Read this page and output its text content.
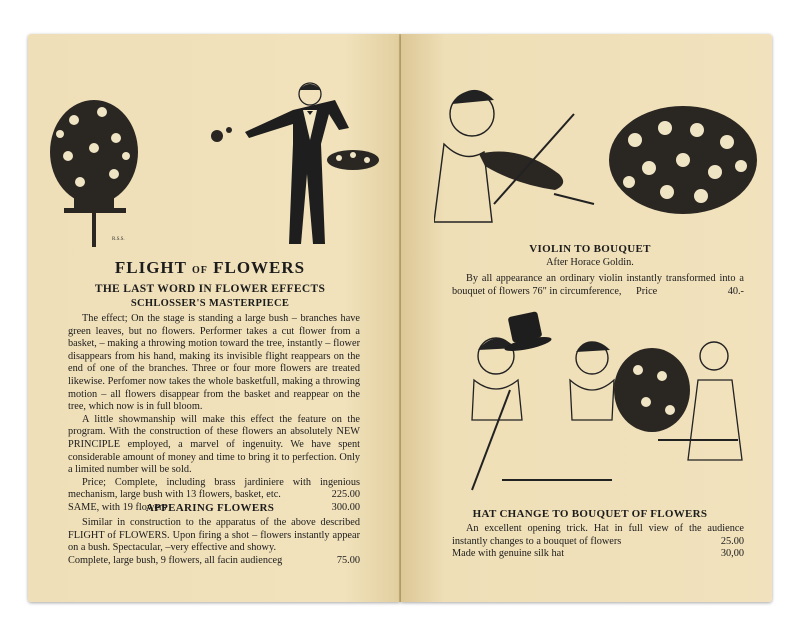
R.S.S.
FLIGHT OF FLOWERS
THE LAST WORD IN FLOWER EFFECTS
SCHLOSSER'S MASTERPIECE

The effect; On the stage is standing a large bush – branches have green leaves, but no flowers. Performer takes a cut flower from a basket, – making a throwing motion toward the tree, instantly – flower disappears from his hand, making its invisible flight reappears on the end of one of the branches. Three or four more flowers are treated likewise. Perfomer now takes the whole basketfull, making a throwing motion – all flowers disappear from the basket and reappear on the tree, which now is in full bloom.

A little showmanship will make this effect the feature on the program. With the construction of these flowers an absolutely NEW PRINCIPLE employed, a marvel of ingenuity. We have spent considerable amount of money and time to bring it to perfection. Only a limited number will be sold.

Price; Complete, including brass jardiniere with ingenious mechanism, large bush with 13 flowers, basket, etc.	225.00

SAME, with 19 flowers	300.00
APPEARING FLOWERS

Similar in construction to the apparatus of the above described FLIGHT of FLOWERS. Upon firing a shot – flowers instantly appear on a bush. Spectacular, –very effective and showy.

Complete, large bush, 9 flowers, all facin audienceg	75.00
VIOLIN TO BOUQUET
After Horace Goldin.

By all appearance an ordinary violin instantly transformed into a bouquet of flowers 76" in circumference, Price	40.-

HAT CHANGE TO BOUQUET OF FLOWERS

An excellent opening trick. Hat in full view of the audience instantly changes to a bouquet of flowers	25.00

Made with genuine silk hat	30,00
